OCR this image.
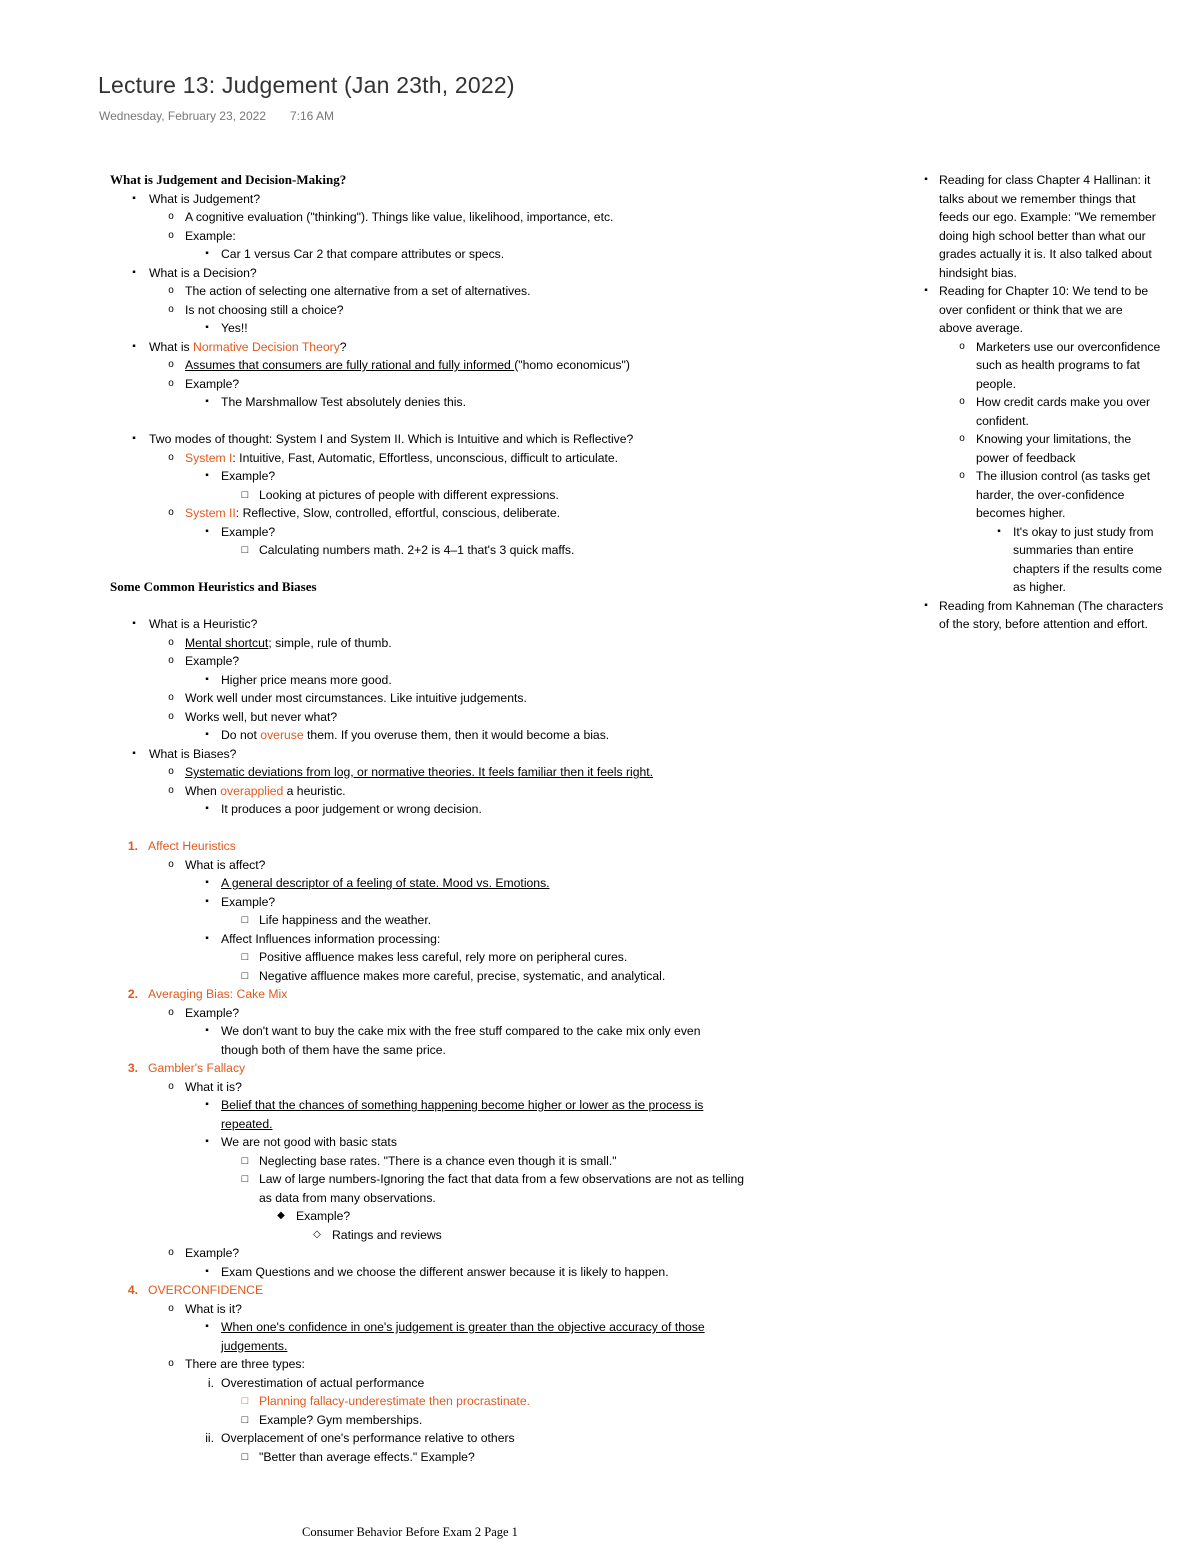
Lecture 13: Judgement (Jan 23th, 2022)
Wednesday, February 23, 2022 7:16 AM
What is Judgement and Decision-Making?
▪	What is Judgement?
o A cognitive evaluation ("thinking"). Things like value, likelihood, importance, etc.
o Example:
▪	Car 1 versus Car 2 that compare attributes or specs.
▪	What is a Decision?
o The action of selecting one alternative from a set of alternatives.
o Is not choosing still a choice?
▪	Yes!!
▪	What is Normative Decision Theory?
o Assumes that consumers are fully rational and fully informed ("homo economicus")
o Example?
▪	The Marshmallow Test absolutely denies this.
▪	Two modes of thought: System I and System II. Which is Intuitive and which is Reflective?
o System I: Intuitive, Fast, Automatic, Effortless, unconscious, difficult to articulate.
▪	Example?
□ Looking at pictures of people with different expressions.
o System II: Reflective, Slow, controlled, effortful, conscious, deliberate.
▪	Example?
□ Calculating numbers math. 2+2 is 4–1 that's 3 quick maffs.
Some Common Heuristics and Biases
▪	What is a Heuristic?
o Mental shortcut; simple, rule of thumb.
o Example?
▪	Higher price means more good.
o Work well under most circumstances. Like intuitive judgements.
o Works well, but never what?
▪	Do not overuse them. If you overuse them, then it would become a bias.
▪	What is Biases?
o Systematic deviations from log, or normative theories. It feels familiar then it feels right.
o When overapplied a heuristic.
▪	It produces a poor judgement or wrong decision.
1. Affect Heuristics
o What is affect?
▪	A general descriptor of a feeling of state. Mood vs. Emotions.
▪	Example?
□ Life happiness and the weather.
▪	Affect Influences information processing:
□ Positive affluence makes less careful, rely more on peripheral cures.
□ Negative affluence makes more careful, precise, systematic, and analytical.
2. Averaging Bias: Cake Mix
o Example?
▪	We don't want to buy the cake mix with the free stuff compared to the cake mix only even
though both of them have the same price.
3. Gambler's Fallacy
o What it is?
▪	Belief that the chances of something happening become higher or lower as the process is
repeated.
▪	We are not good with basic stats
□ Neglecting base rates. "There is a chance even though it is small."
□ Law of large numbers-Ignoring the fact that data from a few observations are not as telling
as data from many observations.
◆ Example?
◇ Ratings and reviews
o Example?
▪	Exam Questions and we choose the different answer because it is likely to happen.
4. OVERCONFIDENCE
o What is it?
▪	When one's confidence in one's judgement is greater than the objective accuracy of those
judgements.
o There are three types:
i. Overestimation of actual performance
□ Planning fallacy-underestimate then procrastinate.
□ Example? Gym memberships.
ii. Overplacement of one's performance relative to others
□ "Better than average effects." Example?
▪ Reading for class Chapter 4 Hallinan: it
talks about we remember things that
feeds our ego. Example: "We remember
doing high school better than what our
grades actually it is. It also talked about
hindsight bias.
▪ Reading for Chapter 10: We tend to be
over confident or think that we are
above average.
o Marketers use our overconfidence
such as health programs to fat
people.
o How credit cards make you over
confident.
o Knowing your limitations, the
power of feedback
o The illusion control (as tasks get
harder, the over-confidence
becomes higher.
▪	It's okay to just study from
summaries than entire
chapters if the results come
as higher.
▪ Reading from Kahneman (The characters
of the story, before attention and effort.
Consumer Behavior Before Exam 2 Page 1
